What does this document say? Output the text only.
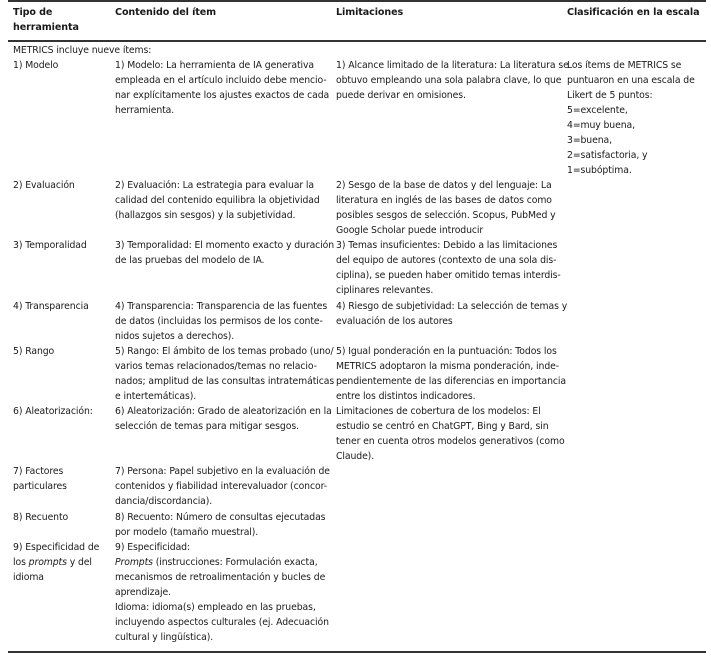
Tipo de
herramienta
Contenido del ítem	Limitaciones	Clasificación en la escala
METRICS incluye nueve ítems:
1) Modelo
2) Evaluación
3) Temporalidad
4) Transparencia
5) Rango
6) Aleatorización:
7) Factores
particulares
8) Recuento
9) Especificidad de
los prompts y del
idioma
1) Modelo: La herramienta de IA generativa
empleada en el artículo incluido debe mencio-
nar explícitamente los ajustes exactos de cada
herramienta.
2) Evaluación: La estrategia para evaluar la
calidad del contenido equilibra la objetividad
(hallazgos sin sesgos) y la subjetividad.
3) Temporalidad: El momento exacto y duración
de las pruebas del modelo de IA.
4) Transparencia: Transparencia de las fuentes
de datos (incluidas los permisos de los conte-
nidos sujetos a derechos).
5) Rango: El ámbito de los temas probado (uno/
varios temas relacionados/temas no relacio-
nados; amplitud de las consultas intratemáticas
e intertemáticas).
6) Aleatorización: Grado de aleatorización en la
selección de temas para mitigar sesgos.
7) Persona: Papel subjetivo en la evaluación de
contenidos y fiabilidad interevaluador (concor-
dancia/discordancia).
8) Recuento: Número de consultas ejecutadas
por modelo (tamaño muestral).
9) Especificidad:
Prompts (instrucciones: Formulación exacta,
mecanismos de retroalimentación y bucles de
aprendizaje.
Idioma: idioma(s) empleado en las pruebas,
incluyendo aspectos culturales (ej. Adecuación
cultural y lingüística).
1) Alcance limitado de la literatura: La literatura se
obtuvo empleando una sola palabra clave, lo que
puede derivar en omisiones.
2) Sesgo de la base de datos y del lenguaje: La
literatura en inglés de las bases de datos como
posibles sesgos de selección. Scopus, PubMed y
Google Scholar puede introducir
3) Temas insuficientes: Debido a las limitaciones
del equipo de autores (contexto de una sola dis-
ciplina), se pueden haber omitido temas interdis-
ciplinares relevantes.
4) Riesgo de subjetividad: La selección de temas y
evaluación de los autores
5) Igual ponderación en la puntuación: Todos los
METRICS adoptaron la misma ponderación, inde-
pendientemente de las diferencias en importancia
entre los distintos indicadores.
Limitaciones de cobertura de los modelos: El
estudio se centró en ChatGPT, Bing y Bard, sin
tener en cuenta otros modelos generativos (como
Claude).
Los ítems de METRICS se
puntuaron en una escala de
Likert de 5 puntos:
5=excelente,
4=muy buena,
3=buena,
2=satisfactoria, y
1=subóptima.
